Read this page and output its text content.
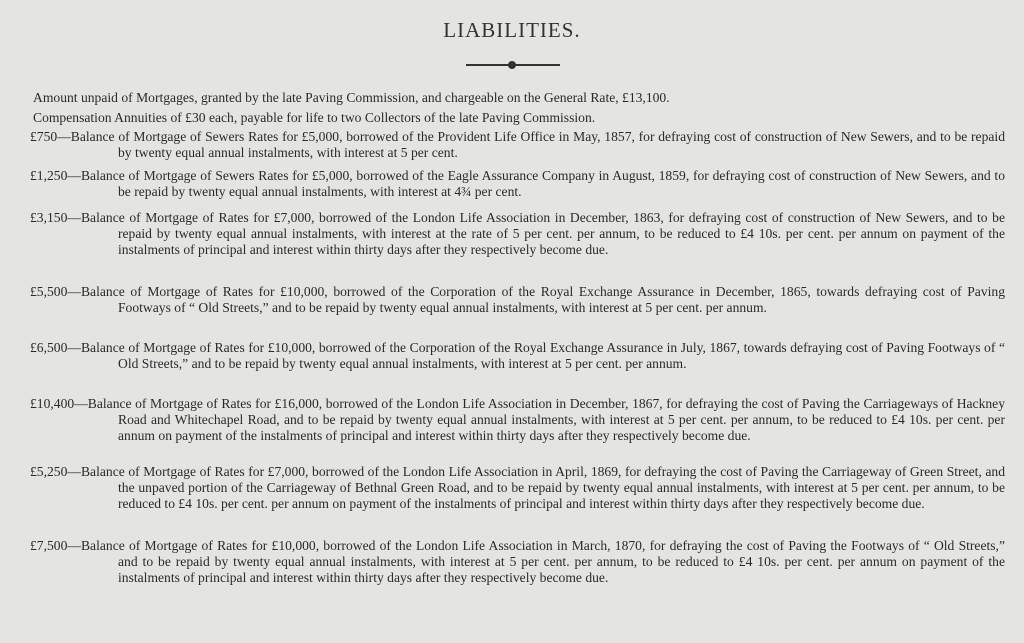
LIABILITIES.
Amount unpaid of Mortgages, granted by the late Paving Commission, and chargeable on the General Rate, £13,100.
Compensation Annuities of £30 each, payable for life to two Collectors of the late Paving Commission.
£750—Balance of Mortgage of Sewers Rates for £5,000, borrowed of the Provident Life Office in May, 1857, for defraying cost of construction of New Sewers, and to be repaid by twenty equal annual instalments, with interest at 5 per cent.
£1,250—Balance of Mortgage of Sewers Rates for £5,000, borrowed of the Eagle Assurance Company in August, 1859, for defraying cost of construction of New Sewers, and to be repaid by twenty equal annual instalments, with interest at 4¾ per cent.
£3,150—Balance of Mortgage of Rates for £7,000, borrowed of the London Life Association in December, 1863, for defraying cost of construction of New Sewers, and to be repaid by twenty equal annual instalments, with interest at the rate of 5 per cent. per annum, to be reduced to £4 10s. per cent. per annum on payment of the instalments of principal and interest within thirty days after they respectively become due.
£5,500—Balance of Mortgage of Rates for £10,000, borrowed of the Corporation of the Royal Exchange Assurance in December, 1865, towards defraying cost of Paving Footways of “ Old Streets,” and to be repaid by twenty equal annual instalments, with interest at 5 per cent. per annum.
£6,500—Balance of Mortgage of Rates for £10,000, borrowed of the Corporation of the Royal Exchange Assurance in July, 1867, towards defraying cost of Paving Footways of “ Old Streets,” and to be repaid by twenty equal annual instalments, with interest at 5 per cent. per annum.
£10,400—Balance of Mortgage of Rates for £16,000, borrowed of the London Life Association in December, 1867, for defraying the cost of Paving the Carriageways of Hackney Road and Whitechapel Road, and to be repaid by twenty equal annual instalments, with interest at 5 per cent. per annum, to be reduced to £4 10s. per cent. per annum on payment of the instalments of principal and interest within thirty days after they respectively become due.
£5,250—Balance of Mortgage of Rates for £7,000, borrowed of the London Life Association in April, 1869, for defraying the cost of Paving the Carriageway of Green Street, and the unpaved portion of the Carriageway of Bethnal Green Road, and to be repaid by twenty equal annual instalments, with interest at 5 per cent. per annum, to be reduced to £4 10s. per cent. per annum on payment of the instalments of principal and interest within thirty days after they respectively become due.
£7,500—Balance of Mortgage of Rates for £10,000, borrowed of the London Life Association in March, 1870, for defraying the cost of Paving the Footways of “ Old Streets,” and to be repaid by twenty equal annual instalments, with interest at 5 per cent. per annum, to be reduced to £4 10s. per cent. per annum on payment of the instalments of principal and interest within thirty days after they respectively become due.
